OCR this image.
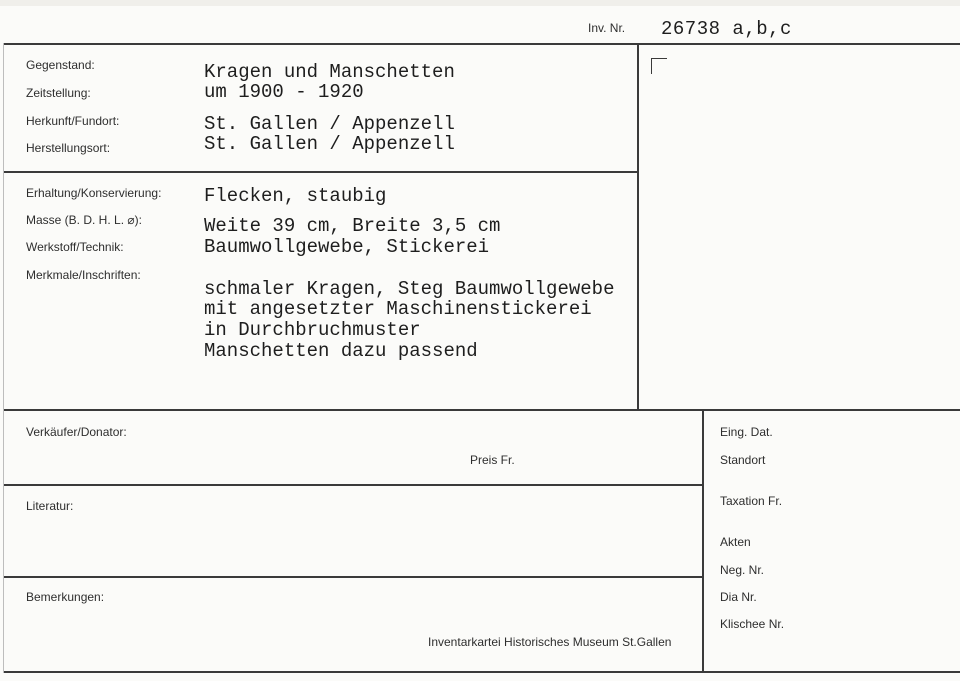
Inv. Nr. 26738 a,b,c
Gegenstand:
Zeitstellung:
Herkunft/Fundort:
Herstellungsort:
Kragen und Manschetten
um 1900 - 1920
St. Gallen / Appenzell
St. Gallen / Appenzell
Erhaltung/Konservierung:
Masse (B. D. H. L. ⌀):
Werkstoff/Technik:
Merkmale/Inschriften:
Flecken, staubig
Weite 39 cm, Breite 3,5 cm
Baumwollgewebe, Stickerei
schmaler Kragen, Steg Baumwollgewebe
mit angesetzter Maschinenstickerei
in Durchbruchmuster
Manschetten dazu passend
Verkäufer/Donator:
Preis Fr.
Literatur:
Bemerkungen:
Inventarkartei Historisches Museum St.Gallen
Eing. Dat.
Standort
Taxation Fr.
Akten
Neg. Nr.
Dia Nr.
Klischee Nr.
